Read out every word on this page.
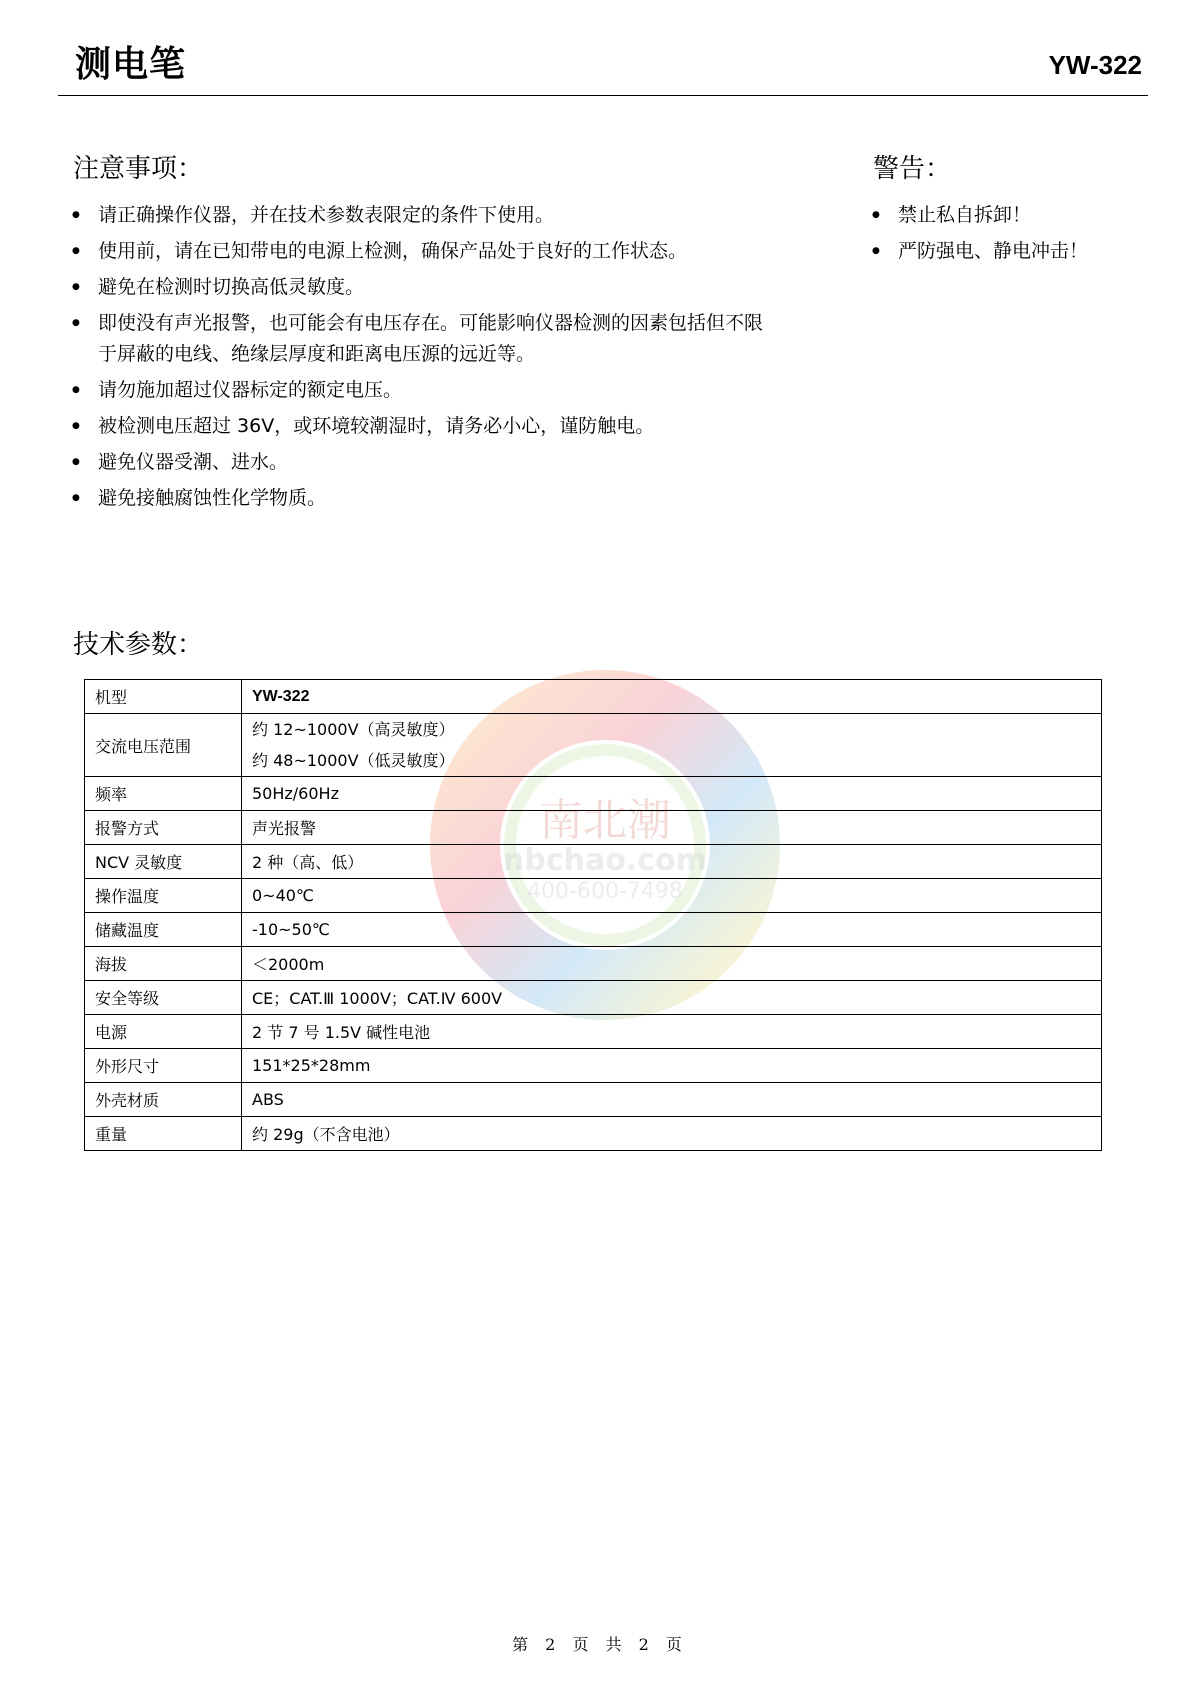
测电笔	YW-322
注意事项：
● 请正确操作仪器，并在技术参数表限定的条件下使用。
● 使用前，请在已知带电的电源上检测，确保产品处于良好的工作状态。
● 避免在检测时切换高低灵敏度。
● 即使没有声光报警，也可能会有电压存在。可能影响仪器检测的因素包括但不限于屏蔽的电线、绝缘层厚度和距离电压源的远近等。
● 请勿施加超过仪器标定的额定电压。
● 被检测电压超过 36V，或环境较潮湿时，请务必小心，谨防触电。
● 避免仪器受潮、进水。
● 避免接触腐蚀性化学物质。
警告：
● 禁止私自拆卸！
● 严防强电、静电冲击！
技术参数：
南北潮
nbchao.com
400-600-7498
机型	YW-322
交流电压范围	约 12~1000V（高灵敏度）
约 48~1000V（低灵敏度）

频率	50Hz/60Hz
报警方式	声光报警
NCV 灵敏度	2 种（高、低）
操作温度	0~40℃
储藏温度	-10~50℃
海拔	＜2000m
安全等级	CE；CAT.Ⅲ 1000V；CAT.Ⅳ 600V
电源	2 节 7 号 1.5V 碱性电池
外形尺寸	151*25*28mm
外壳材质	ABS
重量	约 29g（不含电池）
第 2 页 共 2 页
